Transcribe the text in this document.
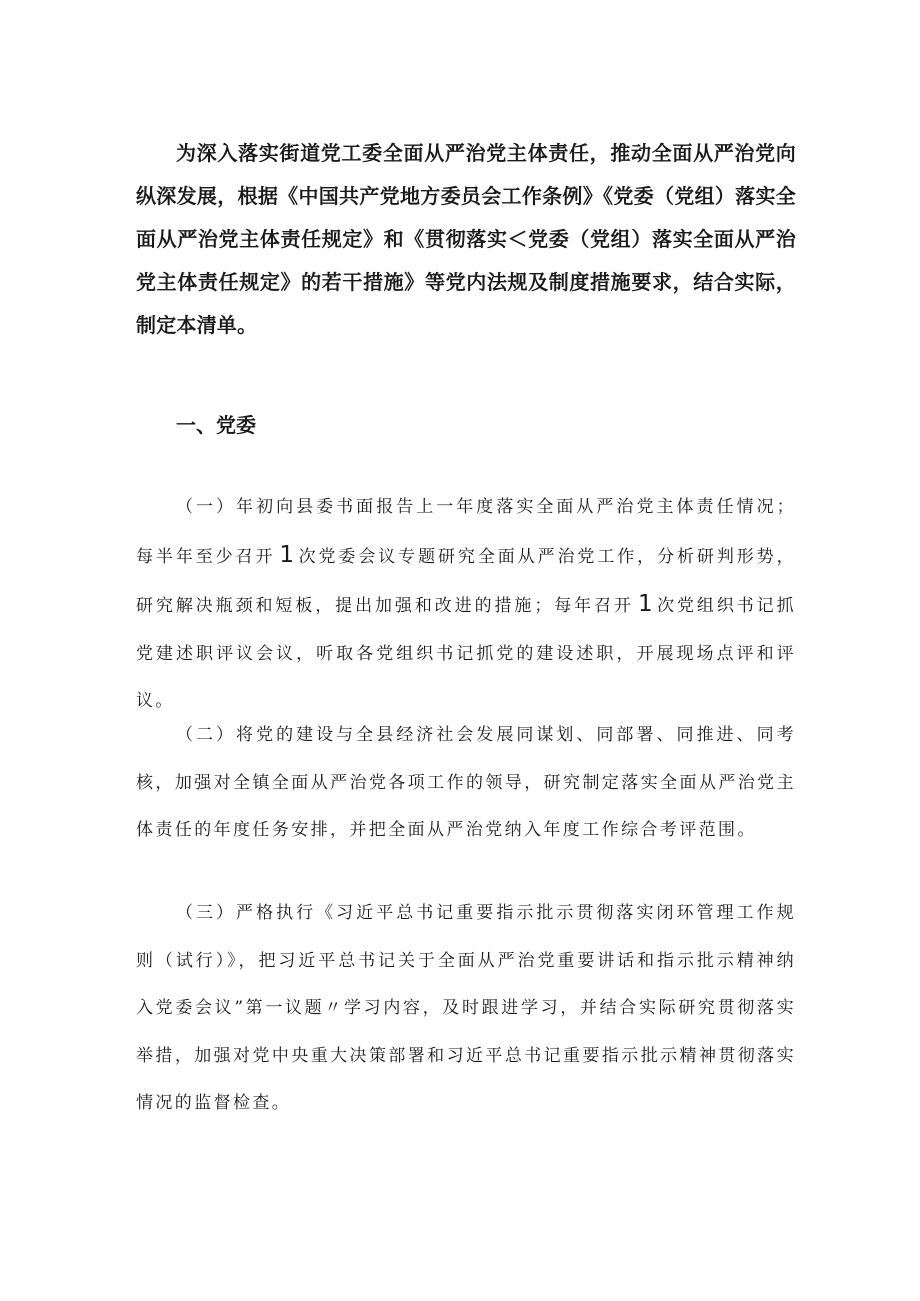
为深入落实街道党工委全面从严治党主体责任，推动全面从严治党向纵深发展，根据《中国共产党地方委员会工作条例》《党委（党组）落实全面从严治党主体责任规定》和《贯彻落实＜党委（党组）落实全面从严治党主体责任规定》的若干措施》等党内法规及制度措施要求，结合实际，制定本清单。

一、党委

（一）年初向县委书面报告上一年度落实全面从严治党主体责任情况；每半年至少召开 1 次党委会议专题研究全面从严治党工作，分析研判形势，研究解决瓶颈和短板，提出加强和改进的措施；每年召开 1 次党组织书记抓党建述职评议会议，听取各党组织书记抓党的建设述职，开展现场点评和评议。

（二）将党的建设与全县经济社会发展同谋划、同部署、同推进、同考核，加强对全镇全面从严治党各项工作的领导，研究制定落实全面从严治党主体责任的年度任务安排，并把全面从严治党纳入年度工作综合考评范围。

（三）严格执行《习近平总书记重要指示批示贯彻落实闭环管理工作规则（试行）》，把习近平总书记关于全面从严治党重要讲话和指示批示精神纳入党委会议”第一议题〃学习内容，及时跟进学习，并结合实际研究贯彻落实举措，加强对党中央重大决策部署和习近平总书记重要指示批示精神贯彻落实情况的监督检查。
